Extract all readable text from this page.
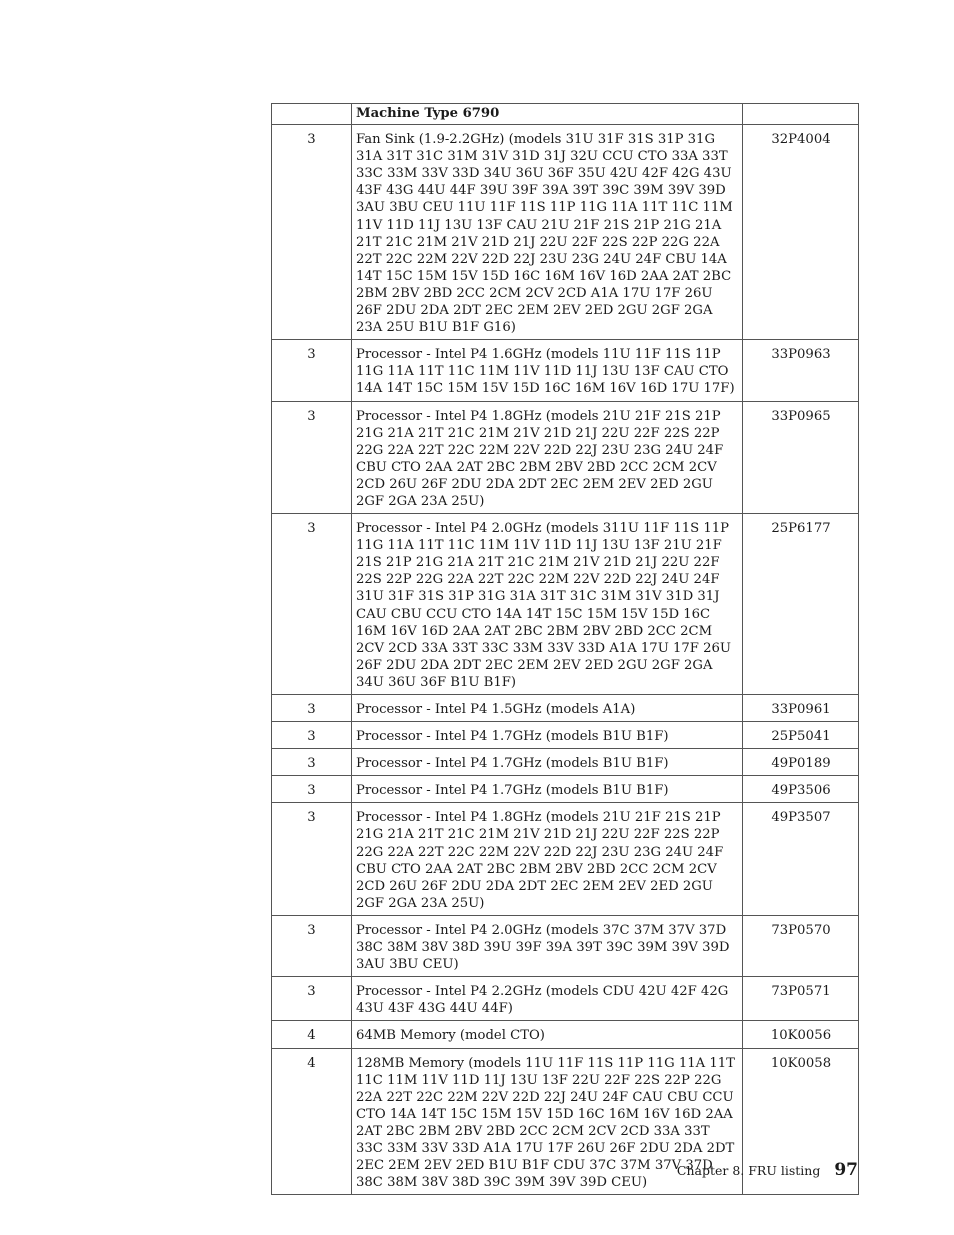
	Machine Type 6790	
3	Fan Sink (1.9-2.2GHz) (models 31U 31F 31S 31P 31G 31A 31T 31C 31M 31V 31D 31J 32U CCU CTO 33A 33T 33C 33M 33V 33D 34U 36U 36F 35U 42U 42F 42G 43U 43F 43G 44U 44F 39U 39F 39A 39T 39C 39M 39V 39D 3AU 3BU CEU 11U 11F 11S 11P 11G 11A 11T 11C 11M 11V 11D 11J 13U 13F CAU 21U 21F 21S 21P 21G 21A 21T 21C 21M 21V 21D 21J 22U 22F 22S 22P 22G 22A 22T 22C 22M 22V 22D 22J 23U 23G 24U 24F CBU 14A 14T 15C 15M 15V 15D 16C 16M 16V 16D 2AA 2AT 2BC 2BM 2BV 2BD 2CC 2CM 2CV 2CD A1A 17U 17F 26U 26F 2DU 2DA 2DT 2EC 2EM 2EV 2ED 2GU 2GF 2GA 23A 25U B1U B1F G16)	32P4004
3	Processor - Intel P4 1.6GHz (models 11U 11F 11S 11P 11G 11A 11T 11C 11M 11V 11D 11J 13U 13F CAU CTO 14A 14T 15C 15M 15V 15D 16C 16M 16V 16D 17U 17F)	33P0963
3	Processor - Intel P4 1.8GHz (models 21U 21F 21S 21P 21G 21A 21T 21C 21M 21V 21D 21J 22U 22F 22S 22P 22G 22A 22T 22C 22M 22V 22D 22J 23U 23G 24U 24F CBU CTO 2AA 2AT 2BC 2BM 2BV 2BD 2CC 2CM 2CV 2CD 26U 26F 2DU 2DA 2DT 2EC 2EM 2EV 2ED 2GU 2GF 2GA 23A 25U)	33P0965
3	Processor - Intel P4 2.0GHz (models 311U 11F 11S 11P 11G 11A 11T 11C 11M 11V 11D 11J 13U 13F 21U 21F 21S 21P 21G 21A 21T 21C 21M 21V 21D 21J 22U 22F 22S 22P 22G 22A 22T 22C 22M 22V 22D 22J 24U 24F 31U 31F 31S 31P 31G 31A 31T 31C 31M 31V 31D 31J CAU CBU CCU CTO 14A 14T 15C 15M 15V 15D 16C 16M 16V 16D 2AA 2AT 2BC 2BM 2BV 2BD 2CC 2CM 2CV 2CD 33A 33T 33C 33M 33V 33D A1A 17U 17F 26U 26F 2DU 2DA 2DT 2EC 2EM 2EV 2ED 2GU 2GF 2GA 34U 36U 36F B1U B1F)	25P6177
3	Processor - Intel P4 1.5GHz (models A1A)	33P0961
3	Processor - Intel P4 1.7GHz (models B1U B1F)	25P5041
3	Processor - Intel P4 1.7GHz (models B1U B1F)	49P0189
3	Processor - Intel P4 1.7GHz (models B1U B1F)	49P3506
3	Processor - Intel P4 1.8GHz (models 21U 21F 21S 21P 21G 21A 21T 21C 21M 21V 21D 21J 22U 22F 22S 22P 22G 22A 22T 22C 22M 22V 22D 22J 23U 23G 24U 24F CBU CTO 2AA 2AT 2BC 2BM 2BV 2BD 2CC 2CM 2CV 2CD 26U 26F 2DU 2DA 2DT 2EC 2EM 2EV 2ED 2GU 2GF 2GA 23A 25U)	49P3507
3	Processor - Intel P4 2.0GHz (models 37C 37M 37V 37D 38C 38M 38V 38D 39U 39F 39A 39T 39C 39M 39V 39D 3AU 3BU CEU)	73P0570
3	Processor - Intel P4 2.2GHz (models CDU 42U 42F 42G 43U 43F 43G 44U 44F)	73P0571
4	64MB Memory (model CTO)	10K0056
4	128MB Memory (models 11U 11F 11S 11P 11G 11A 11T 11C 11M 11V 11D 11J 13U 13F 22U 22F 22S 22P 22G 22A 22T 22C 22M 22V 22D 22J 24U 24F CAU CBU CCU CTO 14A 14T 15C 15M 15V 15D 16C 16M 16V 16D 2AA 2AT 2BC 2BM 2BV 2BD 2CC 2CM 2CV 2CD 33A 33T 33C 33M 33V 33D A1A 17U 17F 26U 26F 2DU 2DA 2DT 2EC 2EM 2EV 2ED B1U B1F CDU 37C 37M 37V 37D 38C 38M 38V 38D 39C 39M 39V 39D CEU)	10K0058
Chapter 8. FRU listing 97
